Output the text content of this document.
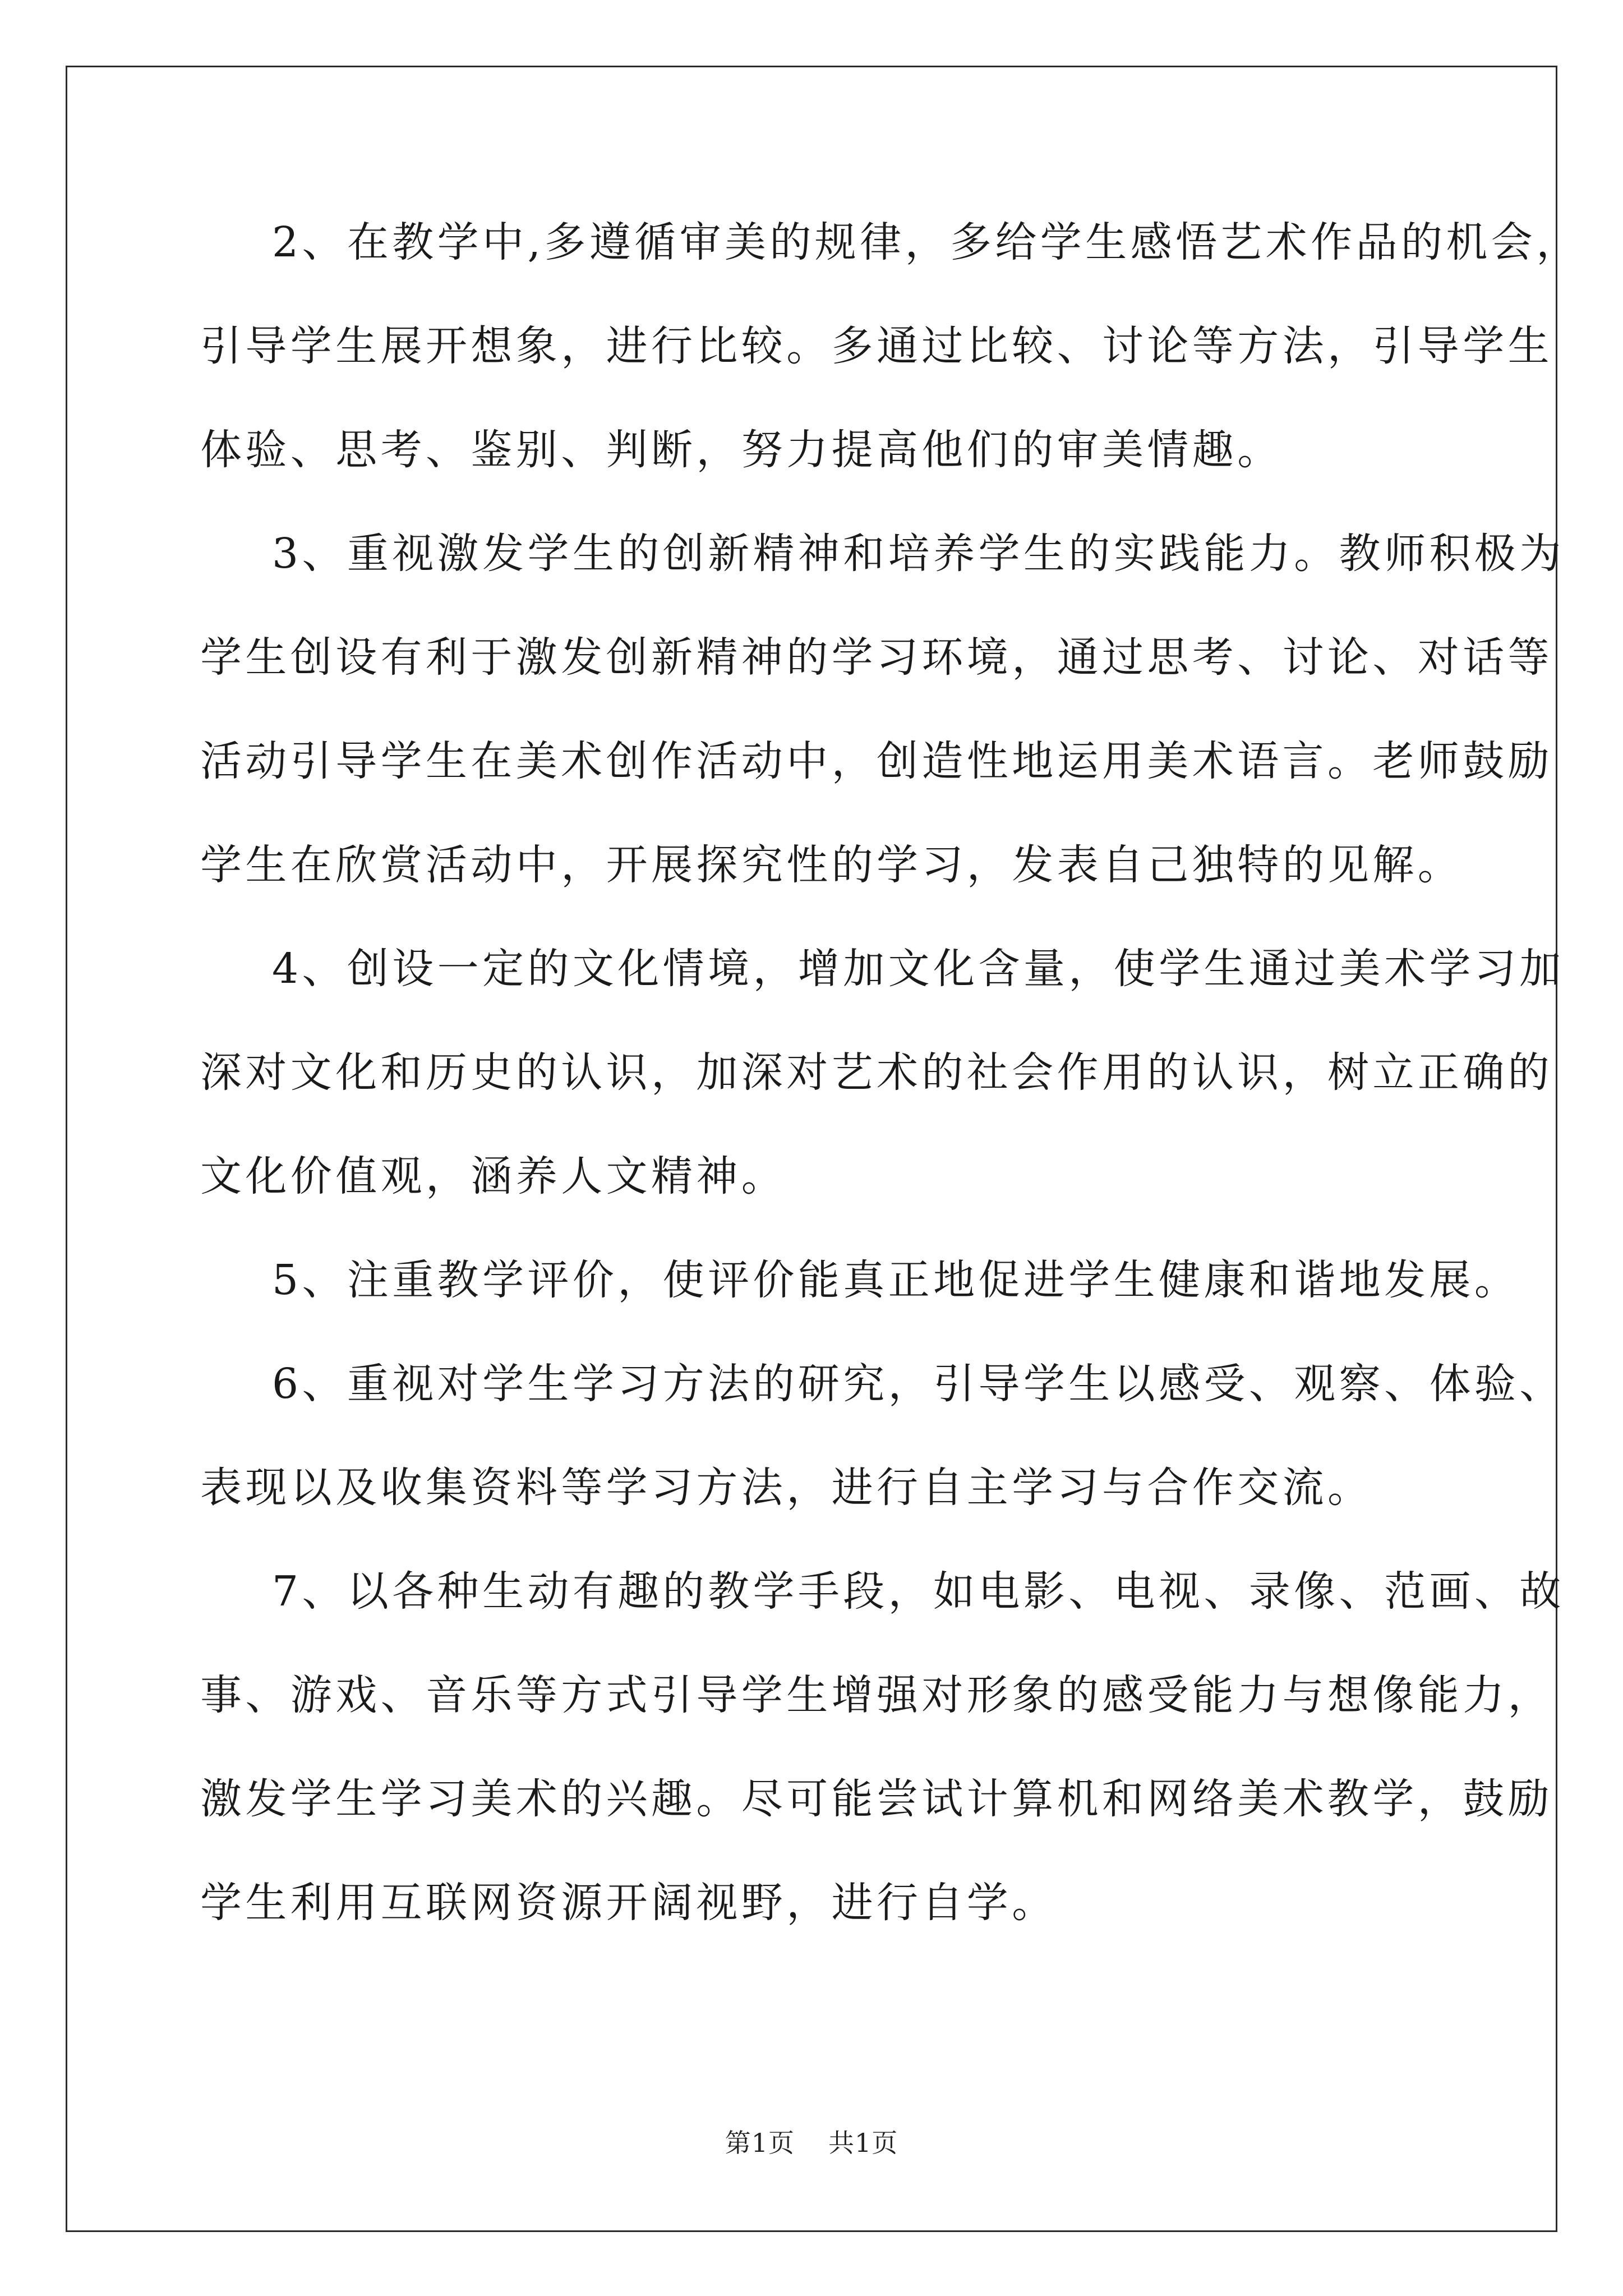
2、在教学中,多遵循审美的规律，多给学生感悟艺术作品的机会，
引导学生展开想象，进行比较。多通过比较、讨论等方法，引导学生
体验、思考、鉴别、判断，努力提高他们的审美情趣。
3、重视激发学生的创新精神和培养学生的实践能力。教师积极为
学生创设有利于激发创新精神的学习环境，通过思考、讨论、对话等
活动引导学生在美术创作活动中，创造性地运用美术语言。老师鼓励
学生在欣赏活动中，开展探究性的学习，发表自己独特的见解。
4、创设一定的文化情境，增加文化含量，使学生通过美术学习加
深对文化和历史的认识，加深对艺术的社会作用的认识，树立正确的
文化价值观，涵养人文精神。
5、注重教学评价，使评价能真正地促进学生健康和谐地发展。
6、重视对学生学习方法的研究，引导学生以感受、观察、体验、
表现以及收集资料等学习方法，进行自主学习与合作交流。
7、以各种生动有趣的教学手段，如电影、电视、录像、范画、故
事、游戏、音乐等方式引导学生增强对形象的感受能力与想像能力，
激发学生学习美术的兴趣。尽可能尝试计算机和网络美术教学，鼓励
学生利用互联网资源开阔视野，进行自学。
第1页 共1页
